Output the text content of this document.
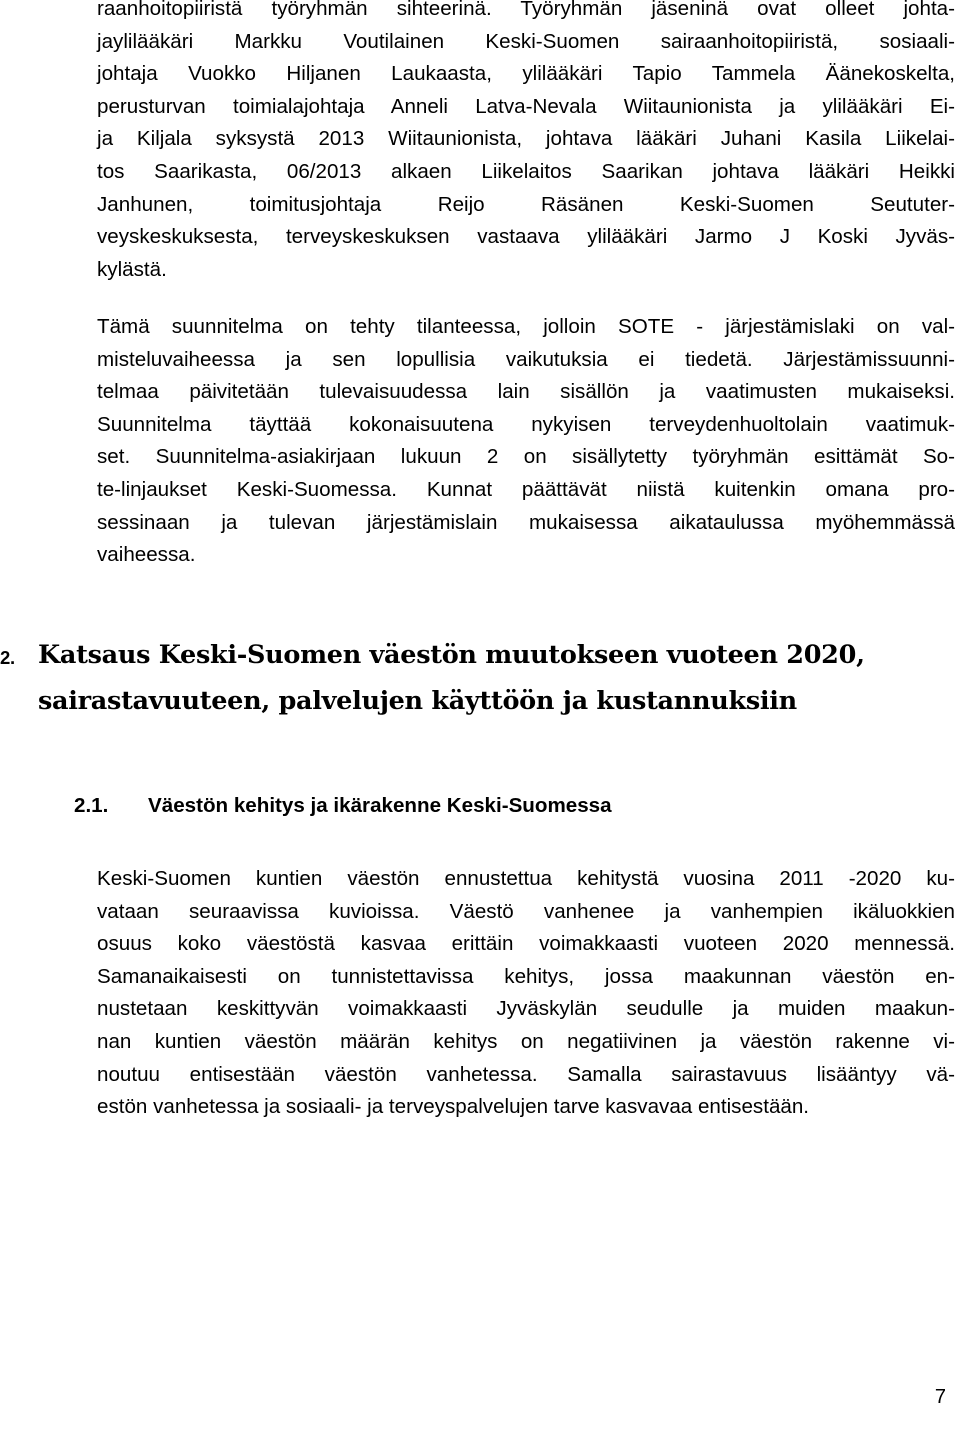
raanhoitopiiristä työryhmän sihteerinä. Työryhmän jäseninä ovat olleet johta-
jaylilääkäri Markku Voutilainen Keski-Suomen sairaanhoitopiiristä, sosiaali-
johtaja Vuokko Hiljanen Laukaasta, ylilääkäri Tapio Tammela Äänekoskelta,
perusturvan toimialajohtaja Anneli Latva-Nevala Wiitaunionista ja ylilääkäri Ei-
ja Kiljala syksystä 2013 Wiitaunionista, johtava lääkäri Juhani Kasila Liikelai-
tos Saarikasta, 06/2013 alkaen Liikelaitos Saarikan johtava lääkäri Heikki
Janhunen, toimitusjohtaja Reijo Räsänen Keski-Suomen Seututer-
veyskeskuksesta, terveyskeskuksen vastaava ylilääkäri Jarmo J Koski Jyväs-
kylästä.
Tämä suunnitelma on tehty tilanteessa, jolloin SOTE - järjestämislaki on val-
misteluvaiheessa ja sen lopullisia vaikutuksia ei tiedetä. Järjestämissuunni-
telmaa päivitetään tulevaisuudessa lain sisällön ja vaatimusten mukaiseksi.
Suunnitelma täyttää kokonaisuutena nykyisen terveydenhuoltolain vaatimuk-
set. Suunnitelma-asiakirjaan lukuun 2 on sisällytetty työryhmän esittämät So-
te-linjaukset Keski-Suomessa. Kunnat päättävät niistä kuitenkin omana pro-
sessinaan ja tulevan järjestämislain mukaisessa aikataulussa myöhemmässä
vaiheessa.
2. Katsaus Keski-Suomen väestön muutokseen vuoteen 2020,
sairastavuuteen, palvelujen käyttöön ja kustannuksiin
2.1. Väestön kehitys ja ikärakenne Keski-Suomessa
Keski-Suomen kuntien väestön ennustettua kehitystä vuosina 2011 -2020 ku-
vataan seuraavissa kuvioissa. Väestö vanhenee ja vanhempien ikäluokkien
osuus koko väestöstä kasvaa erittäin voimakkaasti vuoteen 2020 mennessä.
Samanaikaisesti on tunnistettavissa kehitys, jossa maakunnan väestön en-
nustetaan keskittyvän voimakkaasti Jyväskylän seudulle ja muiden maakun-
nan kuntien väestön määrän kehitys on negatiivinen ja väestön rakenne vi-
noutuu entisestään väestön vanhetessa. Samalla sairastavuus lisääntyy vä-
estön vanhetessa ja sosiaali- ja terveyspalvelujen tarve kasvavaa entisestään.
7
